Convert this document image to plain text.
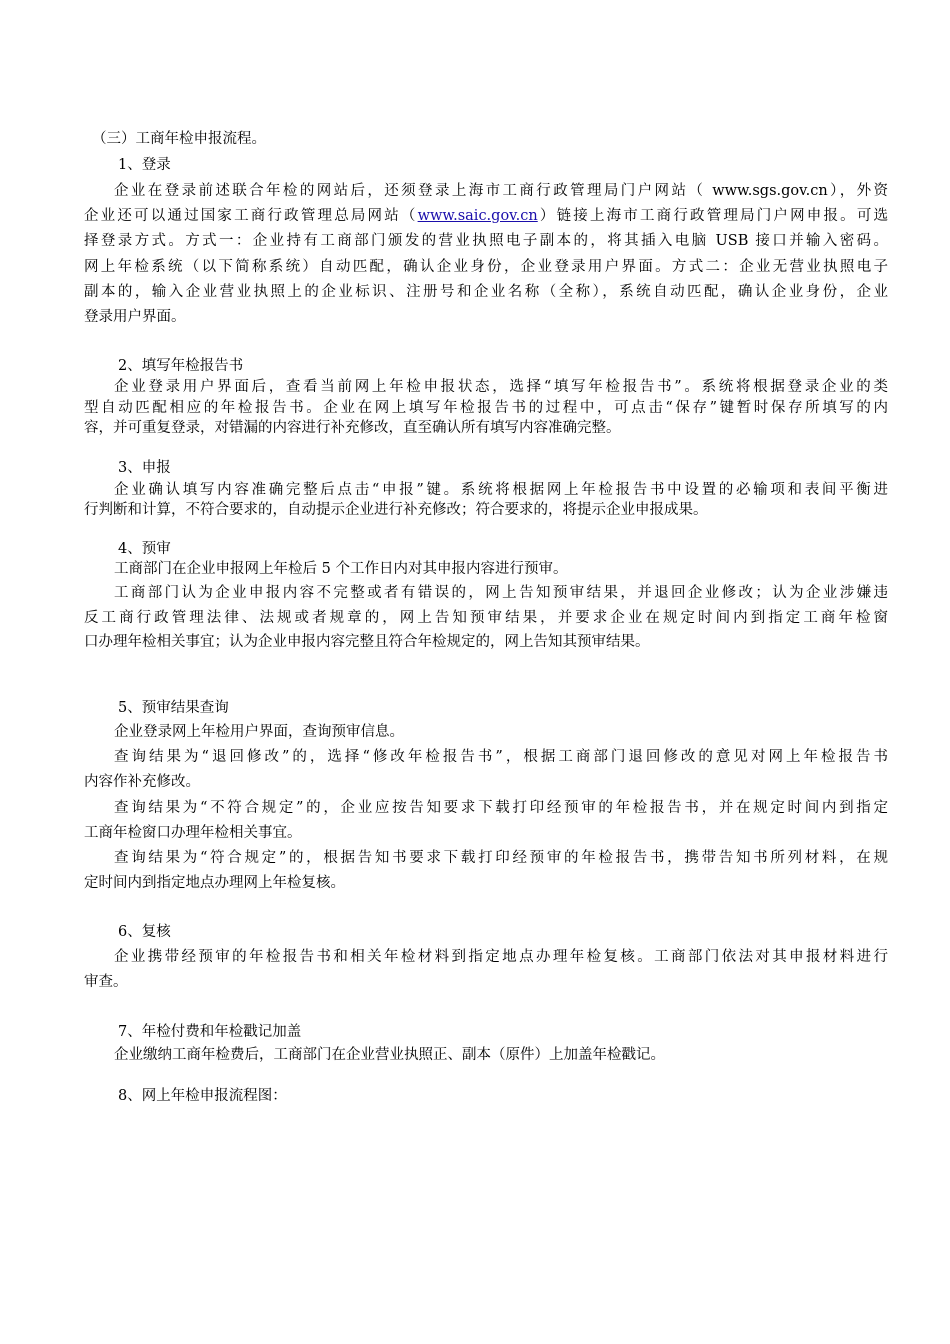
（三）工商年检申报流程。
1、登录
企业在登录前述联合年检的网站后，还须登录上海市工商行政管理局门户网站（ www.sgs.gov.cn），外资
企业还可以通过国家工商行政管理总局网站（www.saic.gov.cn）链接上海市工商行政管理局门户网申报。可选
择登录方式。方式一：企业持有工商部门颁发的营业执照电子副本的，将其插入电脑 USB 接口并输入密码。
网上年检系统（以下简称系统）自动匹配，确认企业身份，企业登录用户界面。方式二：企业无营业执照电子
副本的，输入企业营业执照上的企业标识、注册号和企业名称（全称），系统自动匹配，确认企业身份，企业
登录用户界面。
2、填写年检报告书
企业登录用户界面后，查看当前网上年检申报状态，选择“填写年检报告书”。系统将根据登录企业的类
型自动匹配相应的年检报告书。企业在网上填写年检报告书的过程中，可点击“保存”键暂时保存所填写的内
容，并可重复登录，对错漏的内容进行补充修改，直至确认所有填写内容准确完整。
3、申报
企业确认填写内容准确完整后点击“申报”键。系统将根据网上年检报告书中设置的必输项和表间平衡进
行判断和计算，不符合要求的，自动提示企业进行补充修改；符合要求的，将提示企业申报成果。
4、预审
工商部门在企业申报网上年检后 5 个工作日内对其申报内容进行预审。
工商部门认为企业申报内容不完整或者有错误的，网上告知预审结果，并退回企业修改；认为企业涉嫌违
反工商行政管理法律、法规或者规章的，网上告知预审结果，并要求企业在规定时间内到指定工商年检窗
口办理年检相关事宜；认为企业申报内容完整且符合年检规定的，网上告知其预审结果。
5、预审结果查询
企业登录网上年检用户界面，查询预审信息。
查询结果为“退回修改”的，选择“修改年检报告书”，根据工商部门退回修改的意见对网上年检报告书
内容作补充修改。
查询结果为“不符合规定”的，企业应按告知要求下载打印经预审的年检报告书，并在规定时间内到指定
工商年检窗口办理年检相关事宜。
查询结果为“符合规定”的，根据告知书要求下载打印经预审的年检报告书，携带告知书所列材料，在规
定时间内到指定地点办理网上年检复核。
6、复核
企业携带经预审的年检报告书和相关年检材料到指定地点办理年检复核。工商部门依法对其申报材料进行
审查。
7、年检付费和年检戳记加盖
企业缴纳工商年检费后，工商部门在企业营业执照正、副本（原件）上加盖年检戳记。
8、网上年检申报流程图：
